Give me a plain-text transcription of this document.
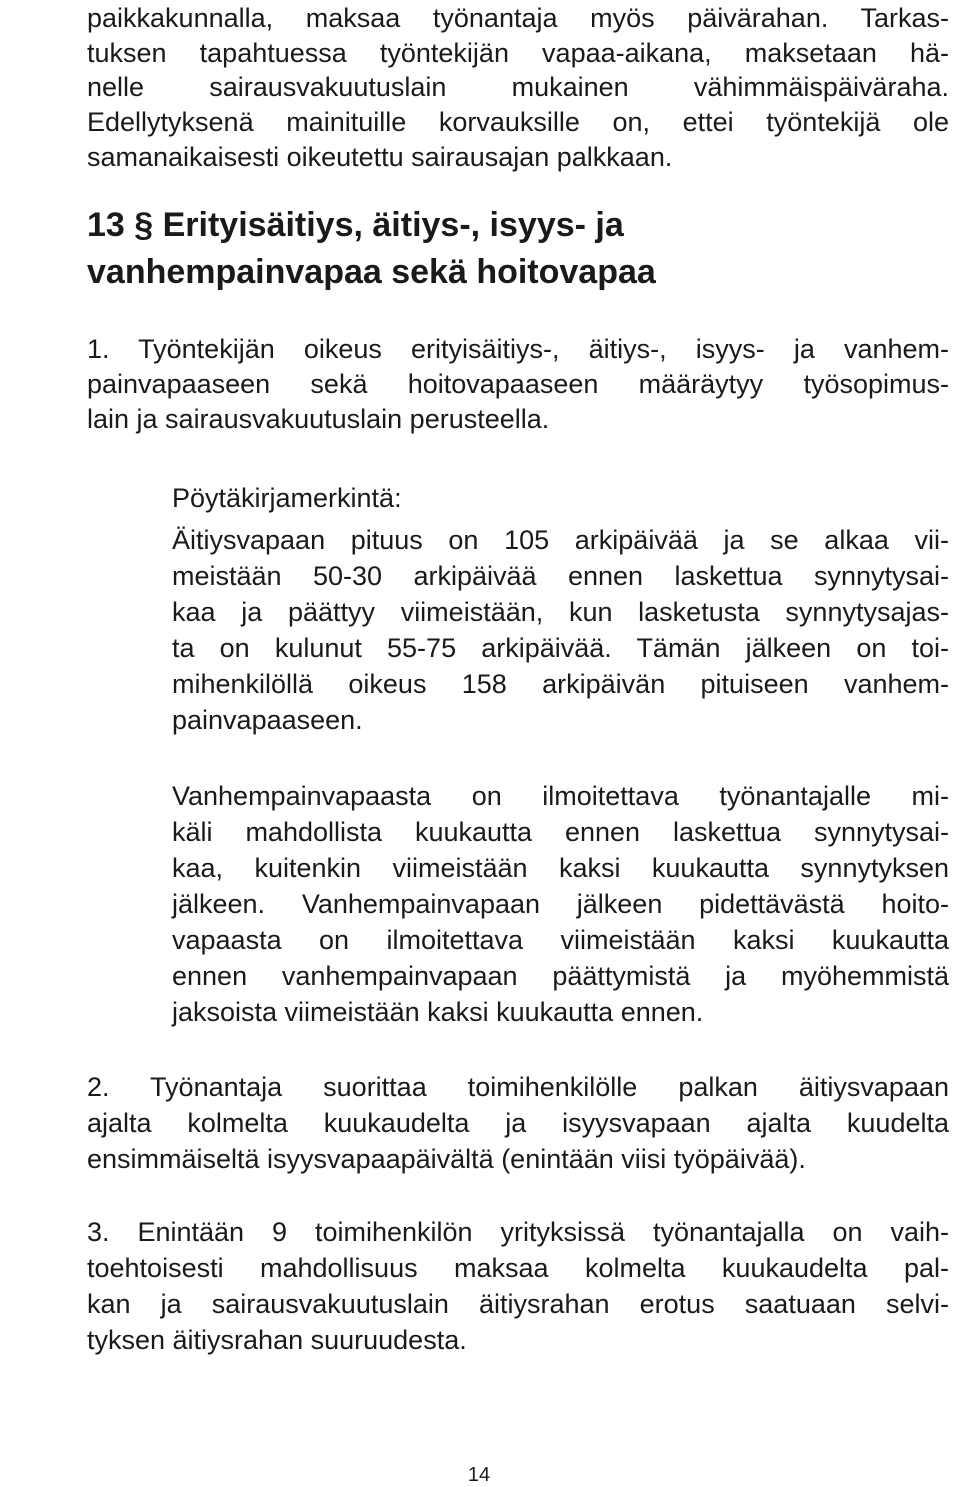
paikkakunnalla, maksaa työnantaja myös päivärahan. Tarkas-

tuksen tapahtuessa työntekijän vapaa-aikana, maksetaan hä-

nelle sairausvakuutuslain mukainen vähimmäispäiväraha.

Edellytyksenä mainituille korvauksille on, ettei työntekijä ole

samanaikaisesti oikeutettu sairausajan palkkaan.

13 § Erityisäitiys, äitiys-, isyys- ja
vanhempainvapaa sekä hoitovapaa

1. Työntekijän oikeus erityisäitiys-, äitiys-, isyys- ja vanhem-

painvapaaseen sekä hoitovapaaseen määräytyy työsopimus-

lain ja sairausvakuutuslain perusteella.

Pöytäkirjamerkintä:

Äitiysvapaan pituus on 105 arkipäivää ja se alkaa vii-

meistään 50-30 arkipäivää ennen laskettua synnytysai-

kaa ja päättyy viimeistään, kun lasketusta synnytysajas-

ta on kulunut 55-75 arkipäivää. Tämän jälkeen on toi-

mihenkilöllä oikeus 158 arkipäivän pituiseen vanhem-

painvapaaseen.

Vanhempainvapaasta on ilmoitettava työnantajalle mi-

käli mahdollista kuukautta ennen laskettua synnytysai-

kaa, kuitenkin viimeistään kaksi kuukautta synnytyksen

jälkeen. Vanhempainvapaan jälkeen pidettävästä hoito-

vapaasta on ilmoitettava viimeistään kaksi kuukautta

ennen vanhempainvapaan päättymistä ja myöhemmistä

jaksoista viimeistään kaksi kuukautta ennen.

2. Työnantaja suorittaa toimihenkilölle palkan äitiysvapaan

ajalta kolmelta kuukaudelta ja isyysvapaan ajalta kuudelta

ensimmäiseltä isyysvapaapäivältä (enintään viisi työpäivää).

3. Enintään 9 toimihenkilön yrityksissä työnantajalla on vaih-

toehtoisesti mahdollisuus maksaa kolmelta kuukaudelta pal-

kan ja sairausvakuutuslain äitiysrahan erotus saatuaan selvi-

tyksen äitiysrahan suuruudesta.

14
